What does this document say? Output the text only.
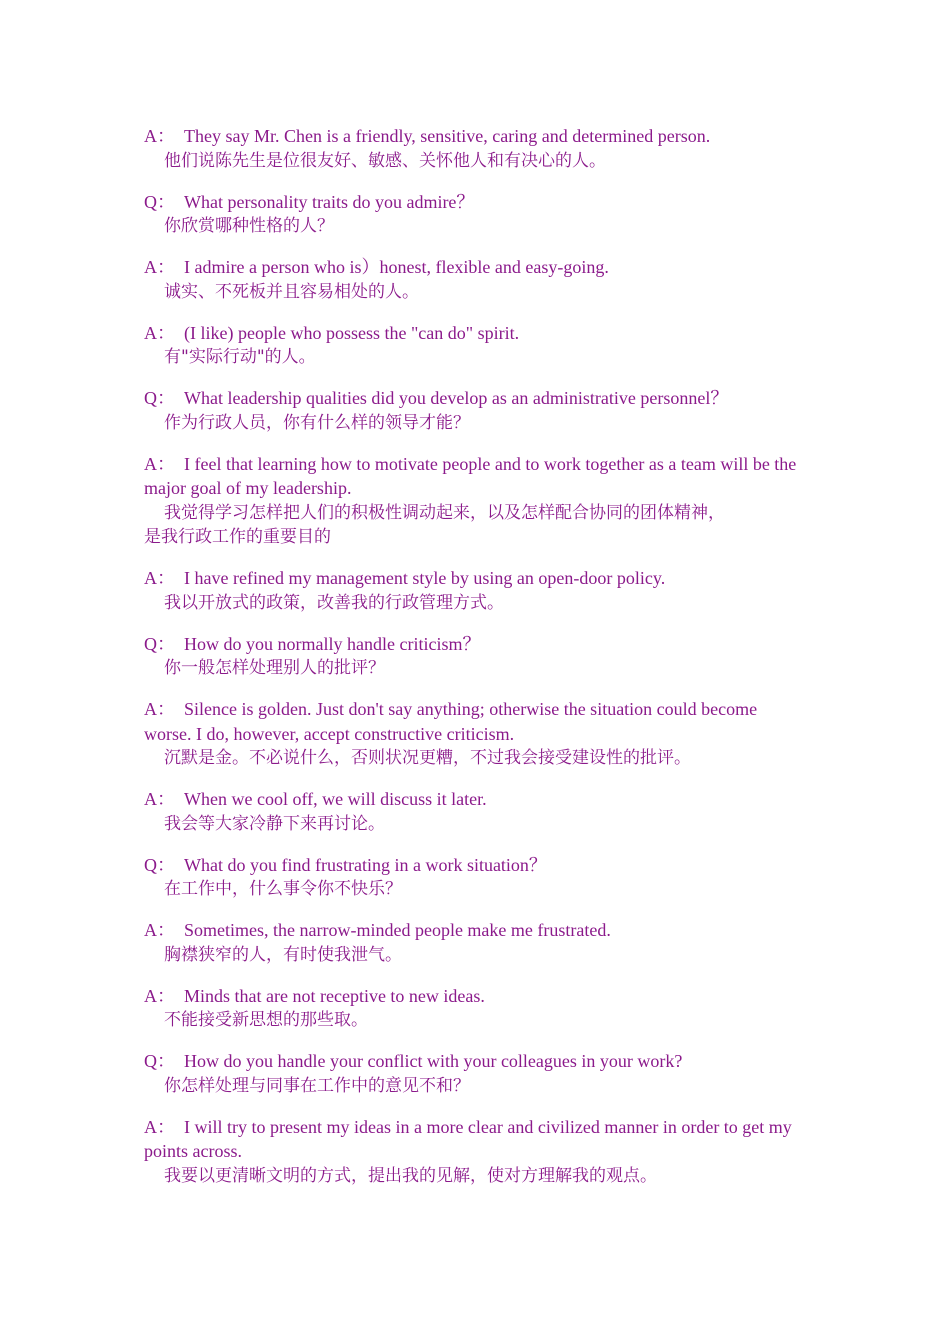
A： They say Mr. Chen is a friendly, sensitive, caring and determined person.

他们说陈先生是位很友好、敏感、关怀他人和有决心的人。

Q： What personality traits do you admire？

你欣赏哪种性格的人？

A： I admire a person who is）honest, flexible and easy-going.

诚实、不死板并且容易相处的人。

A： (I like) people who possess the "can do" spirit.

有"实际行动"的人。

Q： What leadership qualities did you develop as an administrative personnel？

作为行政人员，你有什么样的领导才能？

A： I feel that learning how to motivate people and to work together as a team will be the major goal of my leadership.

我觉得学习怎样把人们的积极性调动起来，以及怎样配合协同的团体精神，

是我行政工作的重要目的

A： I have refined my management style by using an open-door policy.

我以开放式的政策，改善我的行政管理方式。

Q： How do you normally handle criticism？

你一般怎样处理别人的批评？

A： Silence is golden. Just don't say anything; otherwise the situation could become worse. I do, however, accept constructive criticism.

沉默是金。不必说什么，否则状况更糟，不过我会接受建设性的批评。

A： When we cool off, we will discuss it later.

我会等大家冷静下来再讨论。

Q： What do you find frustrating in a work situation？

在工作中，什么事令你不快乐？

A： Sometimes, the narrow-minded people make me frustrated.

胸襟狭窄的人，有时使我泄气。

A： Minds that are not receptive to new ideas.

不能接受新思想的那些取。

Q： How do you handle your conflict with your colleagues in your work?

你怎样处理与同事在工作中的意见不和？

A： I will try to present my ideas in a more clear and civilized manner in order to get my points across.

我要以更清晰文明的方式，提出我的见解，使对方理解我的观点。
